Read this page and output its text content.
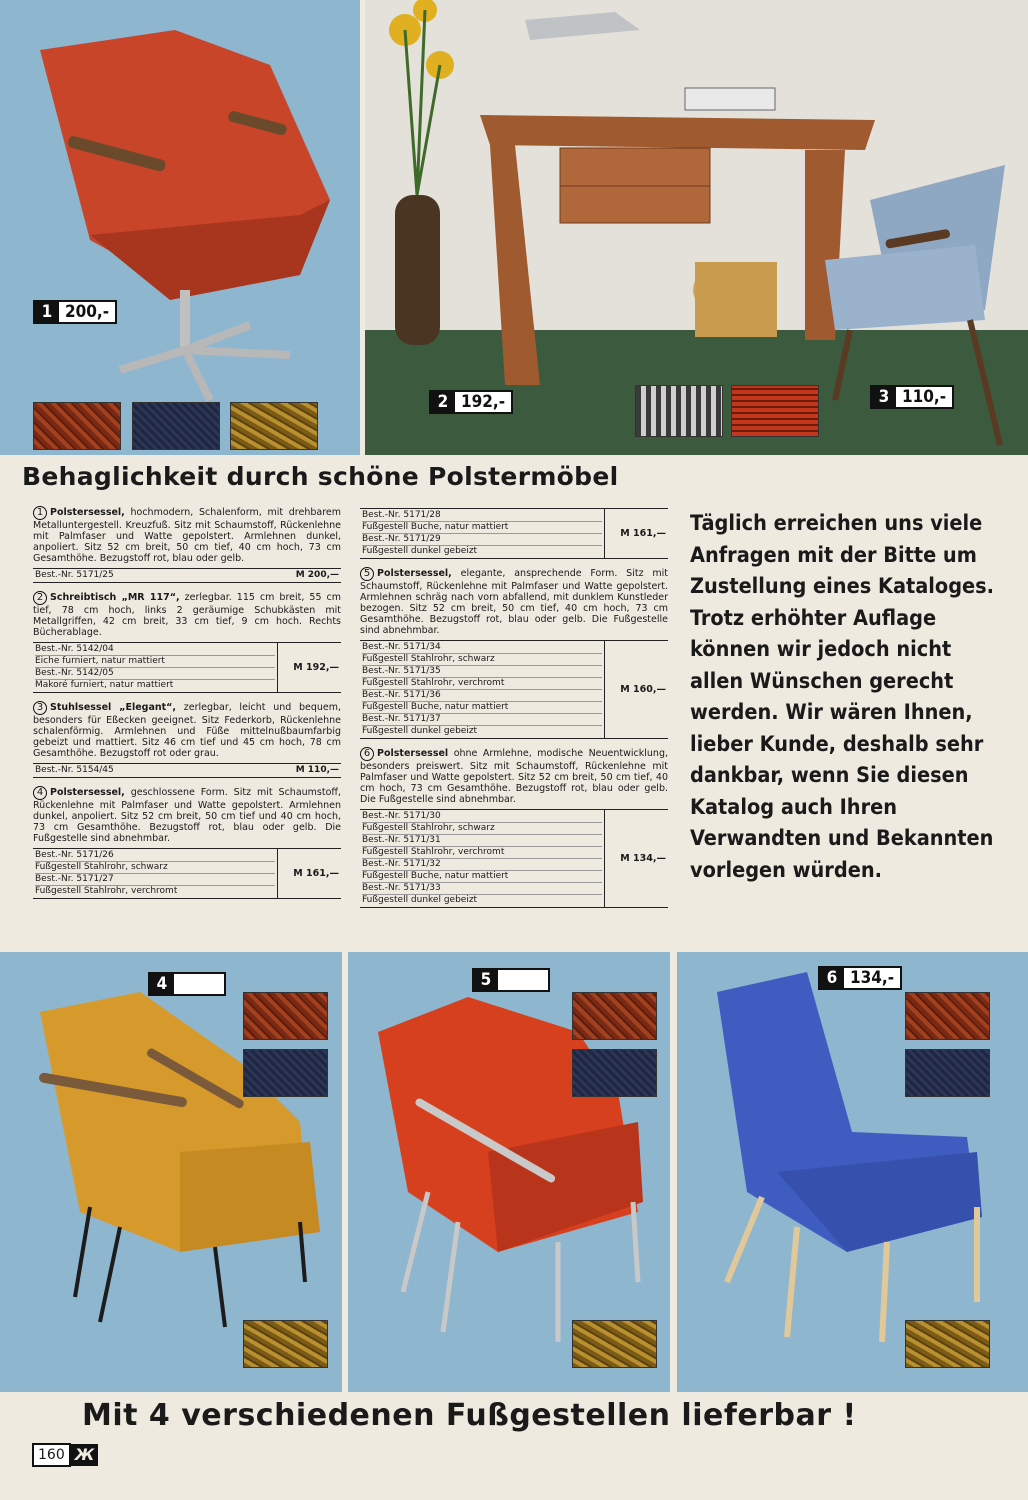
1 200,-
2 192,-	3 110,-
Behaglichkeit durch schöne Polstermöbel

1 Polstersessel, hochmodern, Schalenform, mit drehbarem Metalluntergestell. Kreuzfuß. Sitz mit Schaumstoff, Rückenlehne mit Palmfaser und Watte gepolstert. Armlehnen dunkel, anpoliert. Sitz 52 cm breit, 50 cm tief, 40 cm hoch, 73 cm Gesamthöhe. Bezugstoff rot, blau oder gelb.

Best.-Nr. 5171/25	M 200,—

2 Schreibtisch „MR 117“, zerlegbar. 115 cm breit, 55 cm tief, 78 cm hoch, links 2 geräumige Schubkästen mit Metallgriffen, 42 cm breit, 33 cm tief, 9 cm hoch. Rechts Bücherablage.

Best.-Nr. 5142/04
Eiche furniert, natur mattiert
Best.-Nr. 5142/05
Makoré furniert, natur mattiert
	M 192,—

3 Stuhlsessel „Elegant“, zerlegbar, leicht und bequem, besonders für Eßecken geeignet. Sitz Federkorb, Rückenlehne schalenförmig. Armlehnen und Füße mittelnußbaumfarbig gebeizt und mattiert. Sitz 46 cm tief und 45 cm hoch, 78 cm Gesamthöhe. Bezugstoff rot oder grau.

Best.-Nr. 5154/45	M 110,—

4 Polstersessel, geschlossene Form. Sitz mit Schaumstoff, Rückenlehne mit Palmfaser und Watte gepolstert. Armlehnen dunkel, anpoliert. Sitz 52 cm breit, 50 cm tief und 40 cm hoch, 73 cm Gesamthöhe. Bezugstoff rot, blau oder gelb. Die Fußgestelle sind abnehmbar.

Best.-Nr. 5171/26
Fußgestell Stahlrohr, schwarz
Best.-Nr. 5171/27
Fußgestell Stahlrohr, verchromt
	M 161,—
Best.-Nr. 5171/28
Fußgestell Buche, natur mattiert
Best.-Nr. 5171/29
Fußgestell dunkel gebeizt
	M 161,—

5 Polstersessel, elegante, ansprechende Form. Sitz mit Schaumstoff, Rückenlehne mit Palmfaser und Watte gepolstert. Armlehnen schräg nach vorn abfallend, mit dunklem Kunstleder bezogen. Sitz 52 cm breit, 50 cm tief, 40 cm hoch, 73 cm Gesamthöhe. Bezugstoff rot, blau oder gelb. Die Fußgestelle sind abnehmbar.

Best.-Nr. 5171/34
Fußgestell Stahlrohr, schwarz
Best.-Nr. 5171/35
Fußgestell Stahlrohr, verchromt
Best.-Nr. 5171/36
Fußgestell Buche, natur mattiert
Best.-Nr. 5171/37
Fußgestell dunkel gebeizt
	M 160,—

6 Polstersessel ohne Armlehne, modische Neuentwicklung, besonders preiswert. Sitz mit Schaumstoff, Rückenlehne mit Palmfaser und Watte gepolstert. Sitz 52 cm breit, 50 cm tief, 40 cm hoch, 73 cm Gesamthöhe. Bezugstoff rot, blau oder gelb. Die Fußgestelle sind abnehmbar.

Best.-Nr. 5171/30
Fußgestell Stahlrohr, schwarz
Best.-Nr. 5171/31
Fußgestell Stahlrohr, verchromt
Best.-Nr. 5171/32
Fußgestell Buche, natur mattiert
Best.-Nr. 5171/33
Fußgestell dunkel gebeizt
	M 134,—
Täglich erreichen uns viele Anfragen mit der Bitte um Zustellung eines Kataloges. Trotz erhöhter Auflage können wir jedoch nicht allen Wünschen gerecht werden. Wir wären Ihnen, lieber Kunde, deshalb sehr dankbar, wenn Sie diesen Katalog auch Ihren Verwandten und Bekannten vorlegen würden.
4	5	6 134,-
Mit 4 verschiedenen Fußgestellen lieferbar !
160 Ж
